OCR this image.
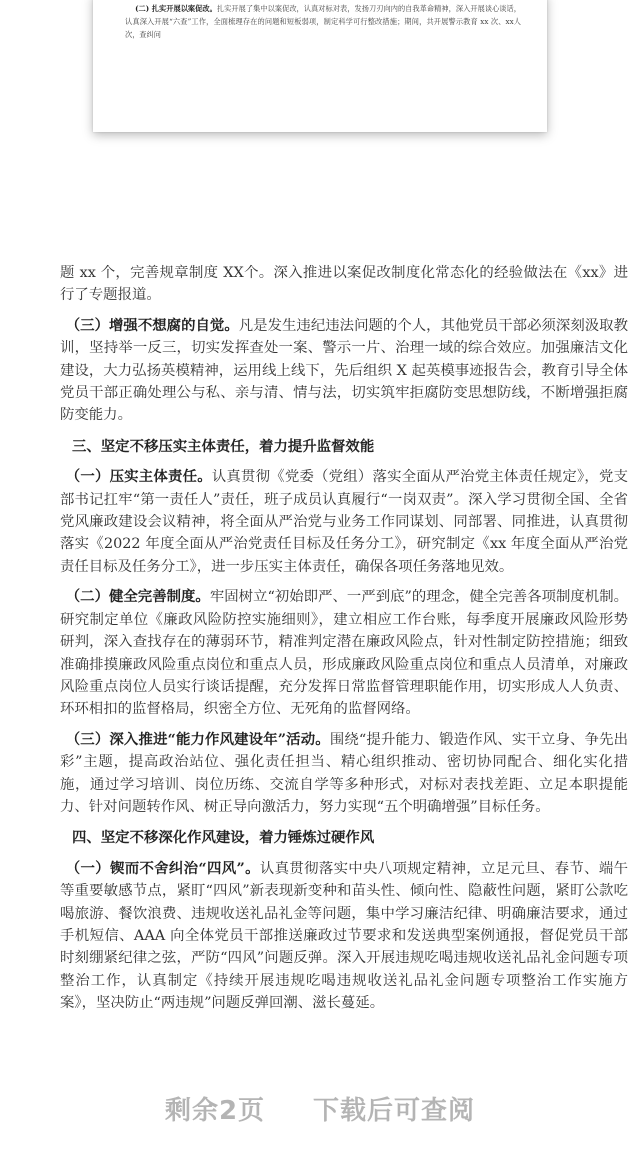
(二) 扎实开展以案促改。扎实开展了集中以案促改，认真对标对表，发扬刀刃向内的自我革命精神，深入开展谈心谈话，认真深入开展“六查”工作，全面梳理存在的问题和短板弱项，制定科学可行整改措施；期间，共开展警示教育 xx 次、xx人次，查纠问

题 xx 个，完善规章制度 XX个。深入推进以案促改制度化常态化的经验做法在《xx》进行了专题报道。

（三）增强不想腐的自觉。凡是发生违纪违法问题的个人，其他党员干部必须深刻汲取教训，坚持举一反三，切实发挥查处一案、警示一片、治理一域的综合效应。加强廉洁文化建设，大力弘扬英模精神，运用线上线下，先后组织 X 起英模事迹报告会，教育引导全体党员干部正确处理公与私、亲与清、情与法，切实筑牢拒腐防变思想防线，不断增强拒腐防变能力。

三、坚定不移压实主体责任，着力提升监督效能

（一）压实主体责任。认真贯彻《党委（党组）落实全面从严治党主体责任规定》，党支部书记扛牢“第一责任人”责任，班子成员认真履行“一岗双责”。深入学习贯彻全国、全省党风廉政建设会议精神，将全面从严治党与业务工作同谋划、同部署、同推进，认真贯彻落实《2022 年度全面从严治党责任目标及任务分工》，研究制定《xx 年度全面从严治党责任目标及任务分工》，进一步压实主体责任，确保各项任务落地见效。

（二）健全完善制度。牢固树立“初始即严、一严到底”的理念，健全完善各项制度机制。研究制定单位《廉政风险防控实施细则》，建立相应工作台账，每季度开展廉政风险形势研判，深入查找存在的薄弱环节，精准判定潜在廉政风险点，针对性制定防控措施；细致准确排摸廉政风险重点岗位和重点人员，形成廉政风险重点岗位和重点人员清单，对廉政风险重点岗位人员实行谈话提醒，充分发挥日常监督管理职能作用，切实形成人人负责、环环相扣的监督格局，织密全方位、无死角的监督网络。

（三）深入推进“能力作风建设年”活动。围绕“提升能力、锻造作风、实干立身、争先出彩”主题，提高政治站位、强化责任担当、精心组织推动、密切协同配合、细化实化措施，通过学习培训、岗位历练、交流自学等多种形式，对标对表找差距、立足本职提能力、针对问题转作风、树正导向激活力，努力实现“五个明确增强”目标任务。

四、坚定不移深化作风建设，着力锤炼过硬作风

（一）锲而不舍纠治“四风”。认真贯彻落实中央八项规定精神，立足元旦、春节、端午等重要敏感节点，紧盯“四风”新表现新变种和苗头性、倾向性、隐蔽性问题，紧盯公款吃喝旅游、餐饮浪费、违规收送礼品礼金等问题，集中学习廉洁纪律、明确廉洁要求，通过手机短信、AAA 向全体党员干部推送廉政过节要求和发送典型案例通报，督促党员干部时刻绷紧纪律之弦，严防“四风”问题反弹。深入开展违规吃喝违规收送礼品礼金问题专项整治工作，认真制定《持续开展违规吃喝违规收送礼品礼金问题专项整治工作实施方案》，坚决防止“两违规”问题反弹回潮、滋长蔓延。

剩余2页 下载后可查阅
